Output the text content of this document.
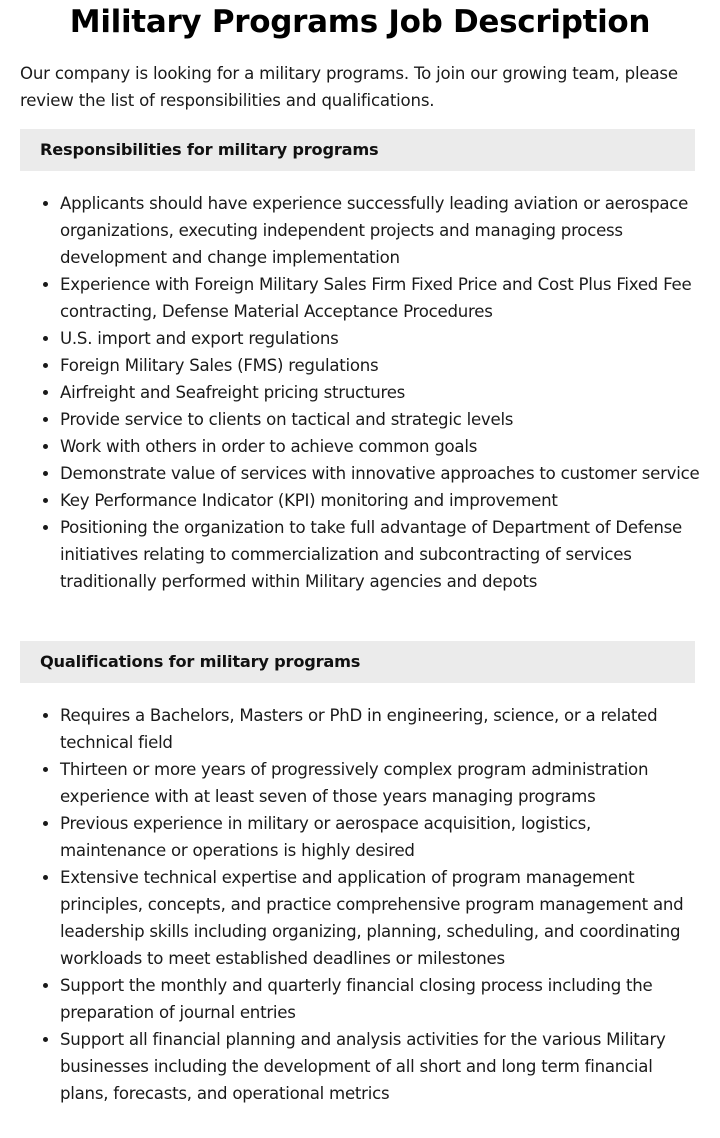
Military Programs Job Description

Our company is looking for a military programs. To join our growing team, please review the list of responsibilities and qualifications.

Responsibilities for military programs
• Applicants should have experience successfully leading aviation or aerospace organizations, executing independent projects and managing process development and change implementation
• Experience with Foreign Military Sales Firm Fixed Price and Cost Plus Fixed Fee contracting, Defense Material Acceptance Procedures
• U.S. import and export regulations
• Foreign Military Sales (FMS) regulations
• Airfreight and Seafreight pricing structures
• Provide service to clients on tactical and strategic levels
• Work with others in order to achieve common goals
• Demonstrate value of services with innovative approaches to customer service
• Key Performance Indicator (KPI) monitoring and improvement
• Positioning the organization to take full advantage of Department of Defense initiatives relating to commercialization and subcontracting of services traditionally performed within Military agencies and depots
Qualifications for military programs
• Requires a Bachelors, Masters or PhD in engineering, science, or a related technical field
• Thirteen or more years of progressively complex program administration experience with at least seven of those years managing programs
• Previous experience in military or aerospace acquisition, logistics, maintenance or operations is highly desired
• Extensive technical expertise and application of program management principles, concepts, and practice comprehensive program management and leadership skills including organizing, planning, scheduling, and coordinating workloads to meet established deadlines or milestones
• Support the monthly and quarterly financial closing process including the preparation of journal entries
• Support all financial planning and analysis activities for the various Military businesses including the development of all short and long term financial plans, forecasts, and operational metrics
